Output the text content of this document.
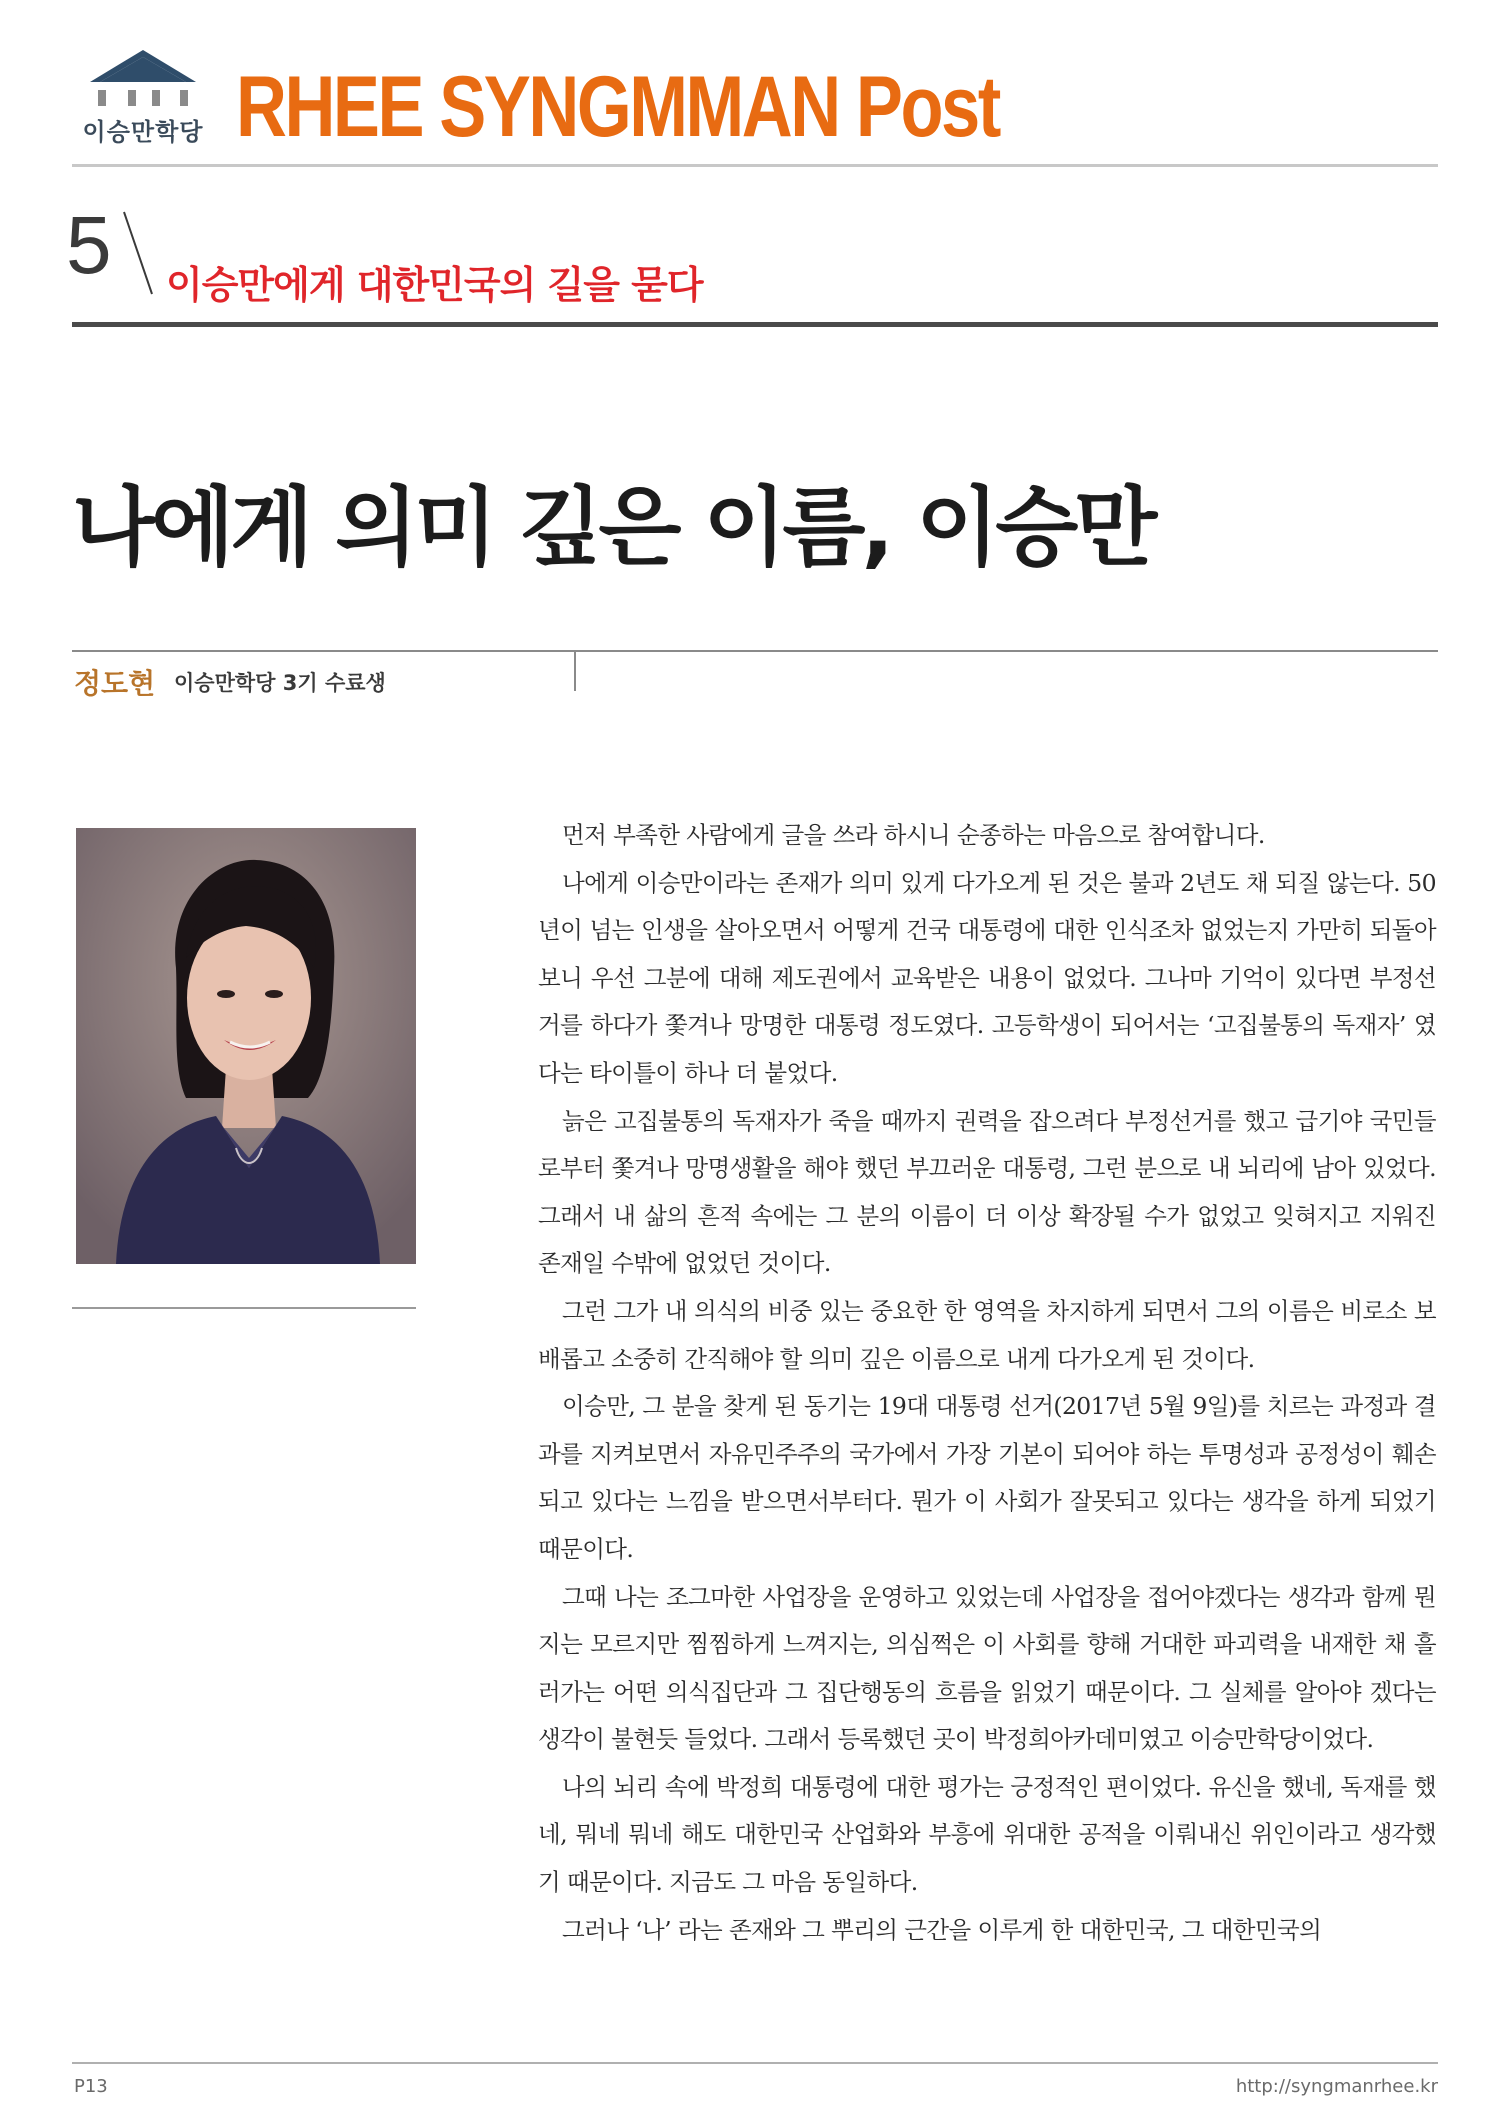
이승만학당 RHEE SYNGMMAN Post
5 이승만에게 대한민국의 길을 묻다
나에게 의미 깊은 이름, 이승만
정도현 이승만학당 3기 수료생

먼저 부족한 사람에게 글을 쓰라 하시니 순종하는 마음으로 참여합니다.

나에게 이승만이라는 존재가 의미 있게 다가오게 된 것은 불과 2년도 채 되질 않는다. 50년이 넘는 인생을 살아오면서 어떻게 건국 대통령에 대한 인식조차 없었는지 가만히 되돌아보니 우선 그분에 대해 제도권에서 교육받은 내용이 없었다. 그나마 기억이 있다면 부정선거를 하다가 쫓겨나 망명한 대통령 정도였다. 고등학생이 되어서는 ‘고집불통의 독재자’ 였다는 타이틀이 하나 더 붙었다.

늙은 고집불통의 독재자가 죽을 때까지 권력을 잡으려다 부정선거를 했고 급기야 국민들로부터 쫓겨나 망명생활을 해야 했던 부끄러운 대통령, 그런 분으로 내 뇌리에 남아 있었다. 그래서 내 삶의 흔적 속에는 그 분의 이름이 더 이상 확장될 수가 없었고 잊혀지고 지워진 존재일 수밖에 없었던 것이다.

그런 그가 내 의식의 비중 있는 중요한 한 영역을 차지하게 되면서 그의 이름은 비로소 보배롭고 소중히 간직해야 할 의미 깊은 이름으로 내게 다가오게 된 것이다.

이승만, 그 분을 찾게 된 동기는 19대 대통령 선거(2017년 5월 9일)를 치르는 과정과 결과를 지켜보면서 자유민주주의 국가에서 가장 기본이 되어야 하는 투명성과 공정성이 훼손되고 있다는 느낌을 받으면서부터다. 뭔가 이 사회가 잘못되고 있다는 생각을 하게 되었기 때문이다.

그때 나는 조그마한 사업장을 운영하고 있었는데 사업장을 접어야겠다는 생각과 함께 뭔지는 모르지만 찜찜하게 느껴지는, 의심쩍은 이 사회를 향해 거대한 파괴력을 내재한 채 흘러가는 어떤 의식집단과 그 집단행동의 흐름을 읽었기 때문이다. 그 실체를 알아야 겠다는 생각이 불현듯 들었다. 그래서 등록했던 곳이 박정희아카데미였고 이승만학당이었다.

나의 뇌리 속에 박정희 대통령에 대한 평가는 긍정적인 편이었다. 유신을 했네, 독재를 했네, 뭐네 뭐네 해도 대한민국 산업화와 부흥에 위대한 공적을 이뤄내신 위인이라고 생각했기 때문이다. 지금도 그 마음 동일하다.

그러나 ‘나’ 라는 존재와 그 뿌리의 근간을 이루게 한 대한민국, 그 대한민국의

P13	http://syngmanrhee.kr
